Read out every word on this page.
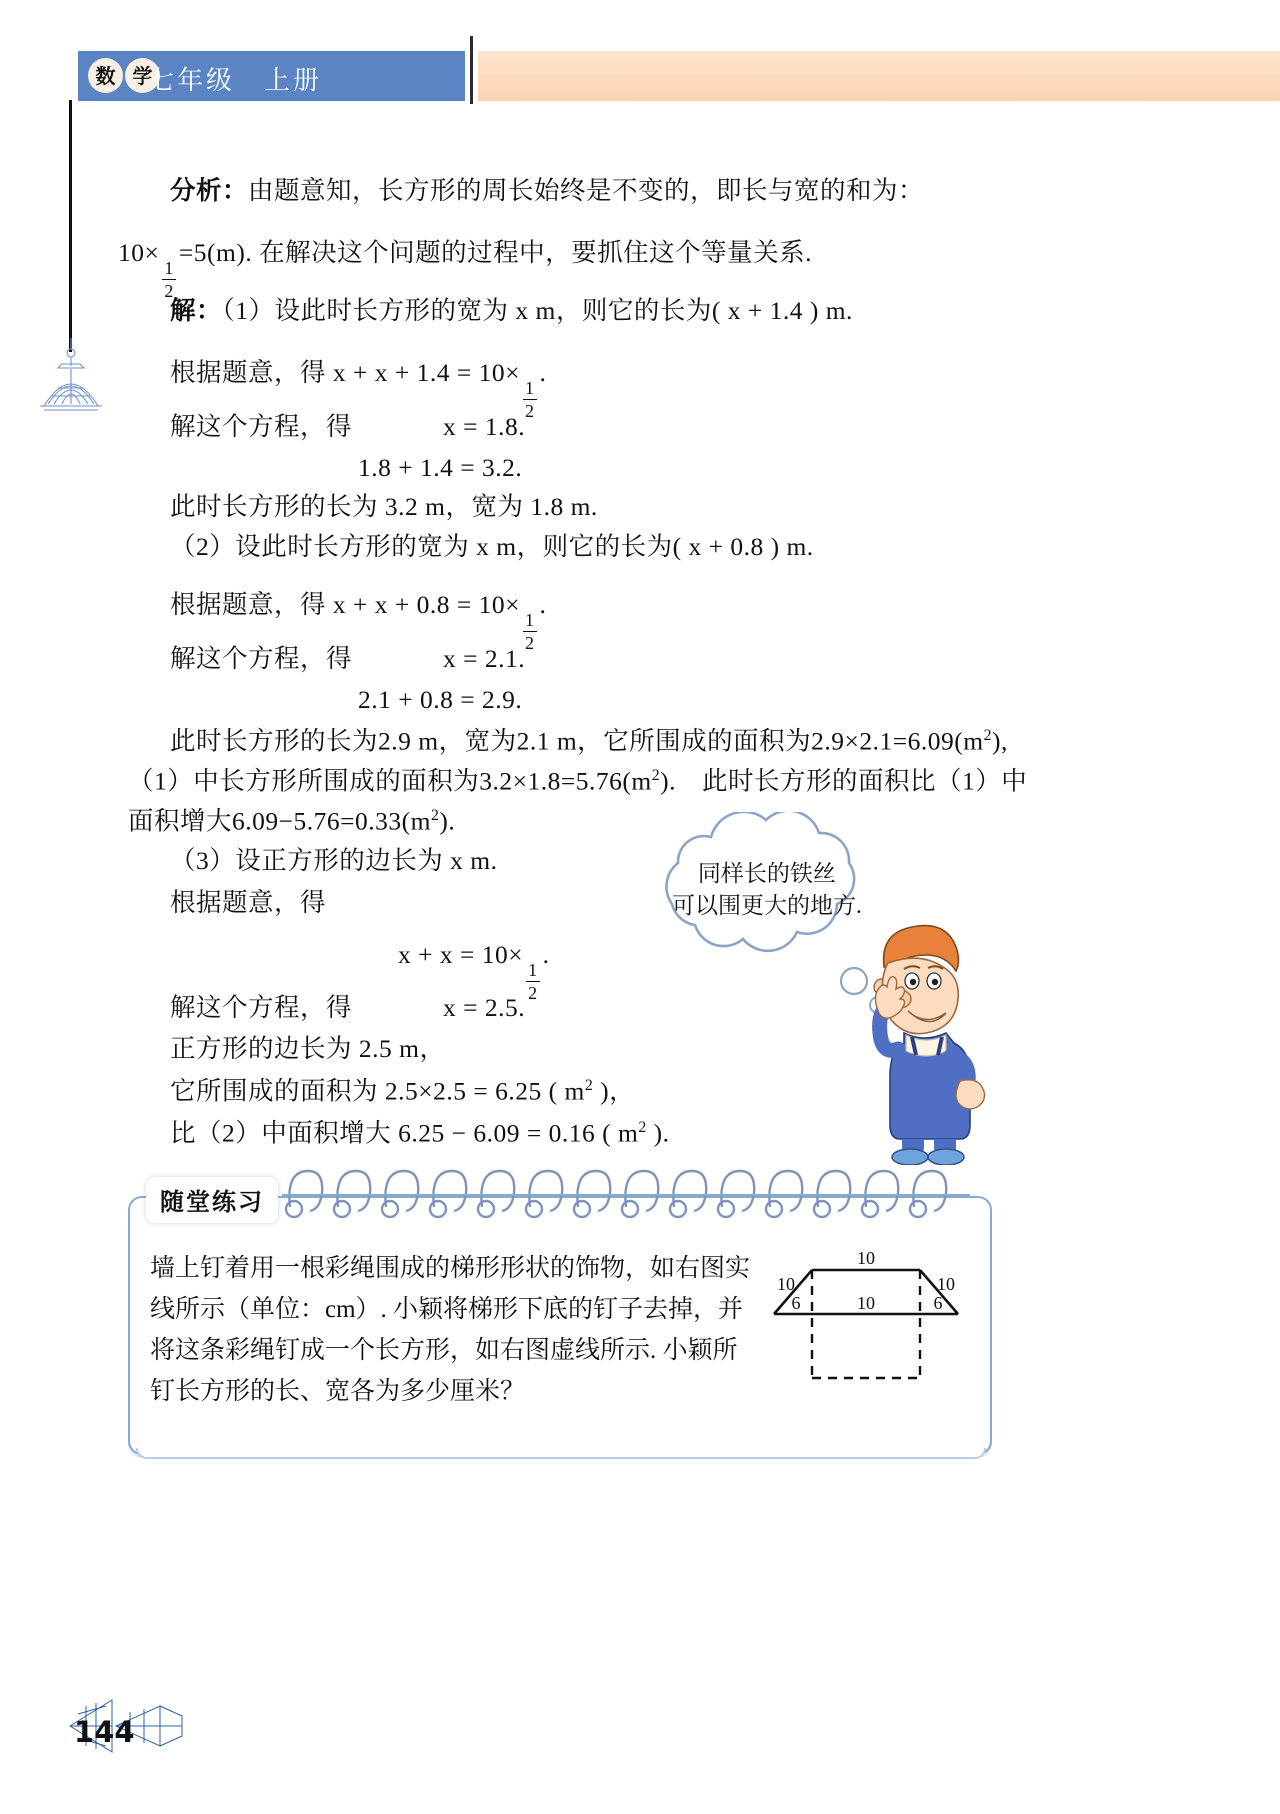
数 学
七年级　上册
分析：由题意知，长方形的周长始终是不变的，即长与宽的和为：
10×
$\frac{1}{2}$
=5(m). 在解决这个问题的过程中，要抓住这个等量关系.
解：（1）设此时长方形的宽为 x m，则它的长为( x + 1.4 ) m.
根据题意，得 x + x + 1.4 = 10×
$\frac{1}{2}$
.
解这个方程，得	x = 1.8.
1.8 + 1.4 = 3.2.
此时长方形的长为 3.2 m，宽为 1.8 m.
（2）设此时长方形的宽为 x m，则它的长为( x + 0.8 ) m.
根据题意，得 x + x + 0.8 = 10×
$\frac{1}{2}$
.
解这个方程，得	x = 2.1.
2.1 + 0.8 = 2.9.
此时长方形的长为2.9 m，宽为2.1 m，它所围成的面积为$2.9\times 2.1=6.09(m^2)$,
（1）中长方形所围成的面积为$3.2\times 1.8=5.76(m^2)$.　此时长方形的面积比（1）中
面积增大$6.09-5.76=0.33(m^2)$.
（3）设正方形的边长为 x m.
根据题意，得
x + x = 10×
$\frac{1}{2}$
.
解这个方程，得	x = 2.5.
正方形的边长为 2.5 m，
它所围成的面积为 2.5×2.5 = 6.25 ( $m^2$ )，
比（2）中面积增大 6.25 − 6.09 = 0.16 ( $m^2$ ).
同样长的铁丝
可以围更大的地方.
随堂练习
墙上钉着用一根彩绳围成的梯形形状的饰物，如右图实
线所示（单位：cm）. 小颖将梯形下底的钉子去掉，并
将这条彩绳钉成一个长方形，如右图虚线所示. 小颖所
钉长方形的长、宽各为多少厘米？
10
10	10
6	10	6
144
